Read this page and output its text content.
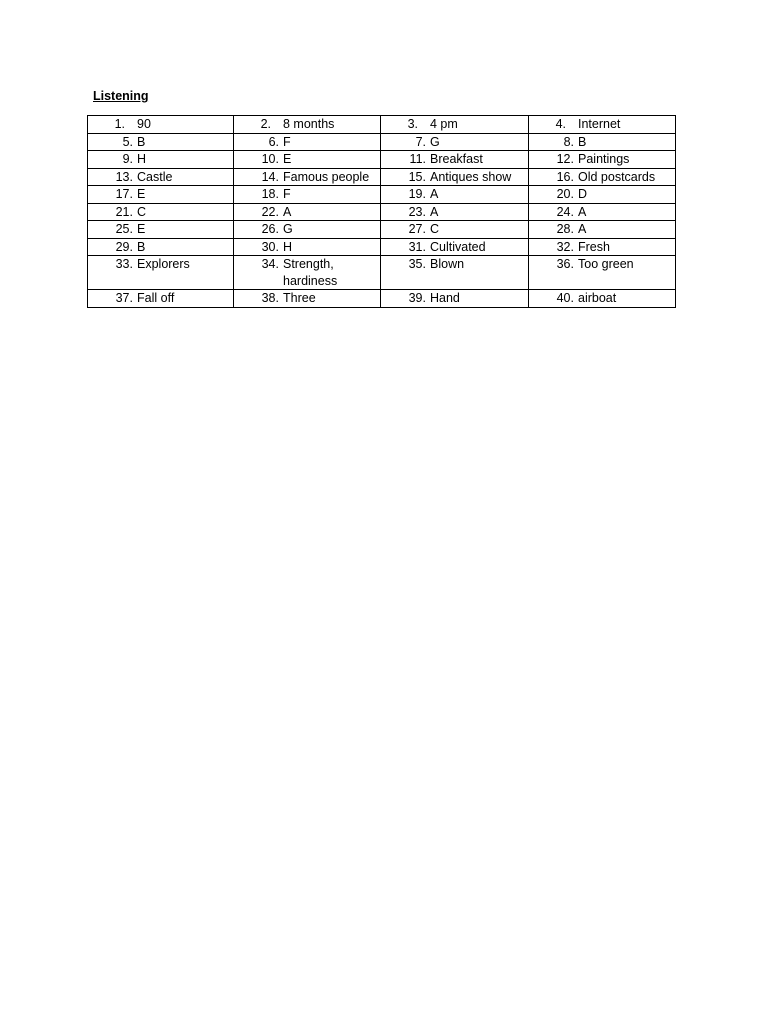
Listening
1. 90	2. 8 months	3. 4 pm	4. Internet

5. B	6. F	7. G	8. B

9. H	10. E	11. Breakfast	12. Paintings

13. Castle	14. Famous people	15. Antiques show	16. Old postcards

17. E	18. F	19. A	20. D

21. C	22. A	23. A	24. A

25. E	26. G	27. C	28. A

29. B	30. H	31. Cultivated	32. Fresh

33. Explorers	34. Strength, hardiness	35. Blown	36. Too green

37. Fall off	38. Three	39. Hand	40. airboat
